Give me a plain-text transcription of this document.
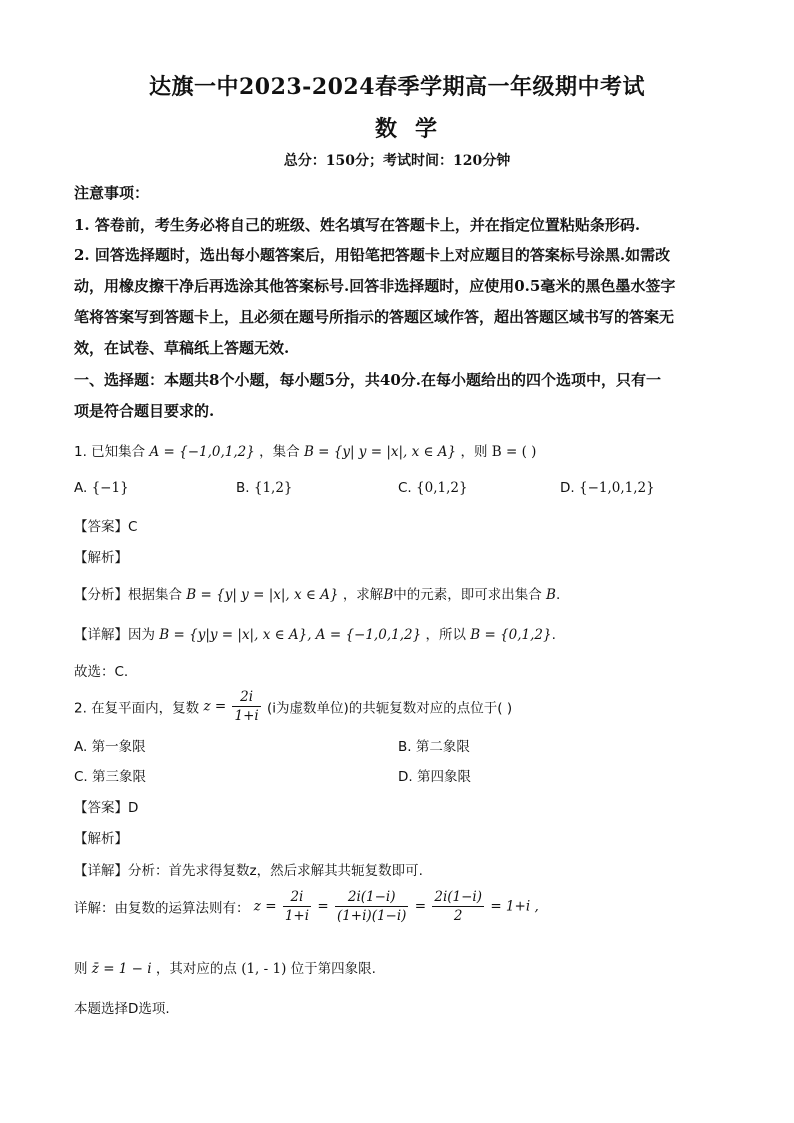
达旗一中2023-2024春季学期高一年级期中考试
数学
总分：150分；考试时间：120分钟
注意事项：
1. 答卷前，考生务必将自己的班级、姓名填写在答题卡上，并在指定位置粘贴条形码.
2. 回答选择题时，选出每小题答案后，用铅笔把答题卡上对应题目的答案标号涂黑.如需改
动，用橡皮擦干净后再选涂其他答案标号.回答非选择题时，应使用0.5毫米的黑色墨水签字
笔将答案写到答题卡上，且必须在题号所指示的答题区域作答，超出答题区域书写的答案无
效，在试卷、草稿纸上答题无效.
一、选择题：本题共8个小题，每小题5分，共40分.在每小题给出的四个选项中，只有一
项是符合题目要求的.
1. 已知集合 A = {−1,0,1,2} ，集合 B = {y| y = |x|, x ∈ A} ，则 B = ( )
A. {−1}	B. {1,2}	C. {0,1,2}	D. {−1,0,1,2}
【答案】C
【解析】
【分析】根据集合 B = {y| y = |x|, x ∈ A} ，求解B中的元素，即可求出集合 B.
【详解】因为 B = {y|y = |x|, x ∈ A}, A = {−1,0,1,2} ，所以 B = {0,1,2}.
故选：C.
2. 在复平面内，复数 $z = \frac{2i}{1+i} (i$为虚数单位)的共轭复数对应的点位于( )
A. 第一象限	B. 第二象限
C. 第三象限	D. 第四象限
【答案】D
【解析】
【详解】分析：首先求得复数z，然后求解其共轭复数即可.
详解：由复数的运算法则有： $z = \frac{2i}{1+i} = \frac{2i(1-i)}{(1+i)(1-i)} = \frac{2i(1-i)}{2} = 1+i$ ,
则 z̄ = 1 − i ，其对应的点 (1, - 1) 位于第四象限.
本题选择D选项.
